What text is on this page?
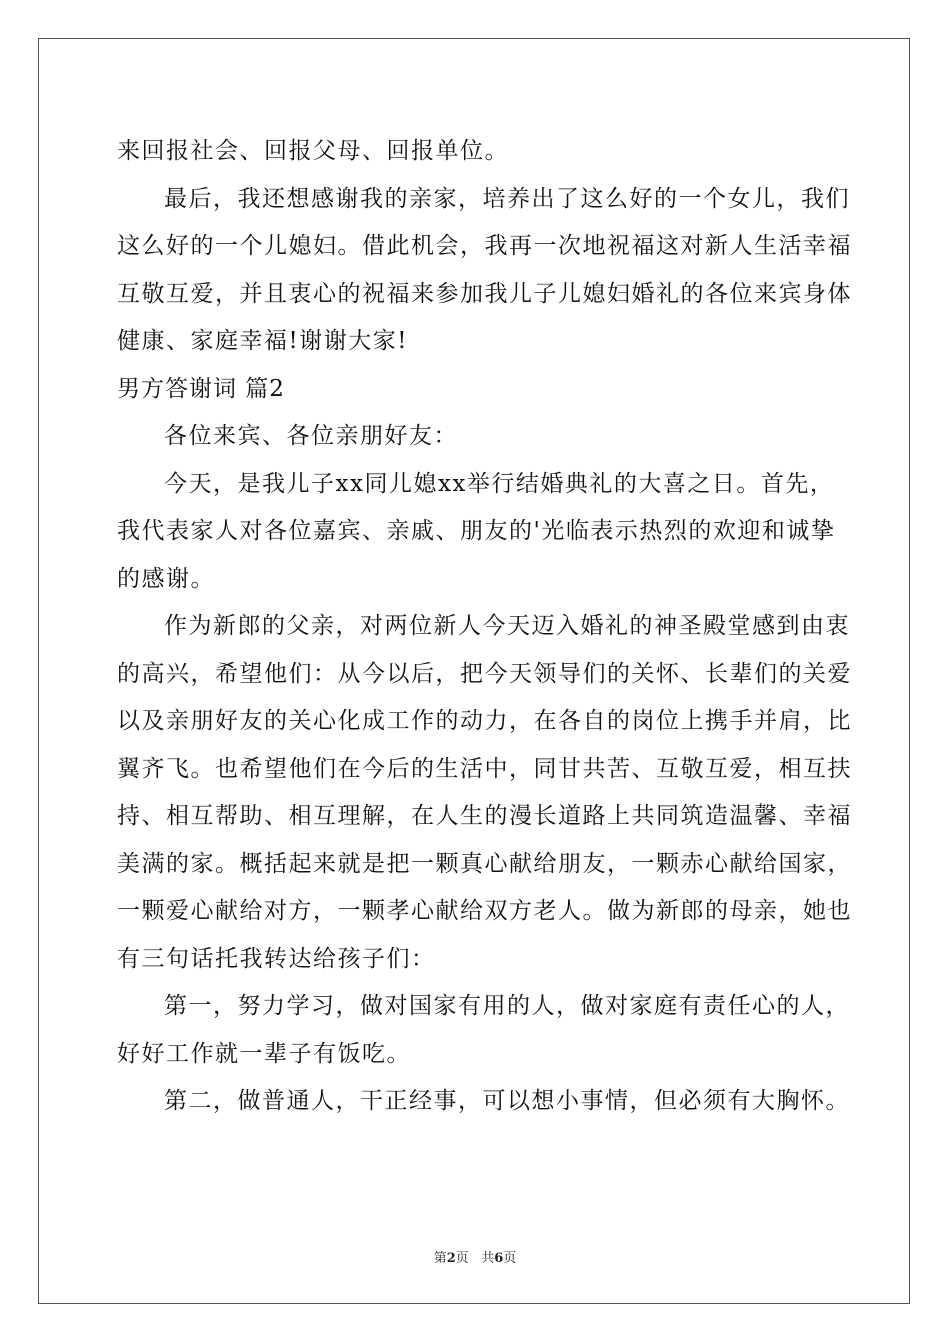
来回报社会、回报父母、回报单位。
最后，我还想感谢我的亲家，培养出了这么好的一个女儿，我们
这么好的一个儿媳妇。借此机会，我再一次地祝福这对新人生活幸福
互敬互爱，并且衷心的祝福来参加我儿子儿媳妇婚礼的各位来宾身体
健康、家庭幸福!谢谢大家!
男方答谢词 篇2
各位来宾、各位亲朋好友：
今天，是我儿子xx同儿媳xx举行结婚典礼的大喜之日。首先，
我代表家人对各位嘉宾、亲戚、朋友的'光临表示热烈的欢迎和诚挚
的感谢。
作为新郎的父亲，对两位新人今天迈入婚礼的神圣殿堂感到由衷
的高兴，希望他们：从今以后，把今天领导们的关怀、长辈们的关爱
以及亲朋好友的关心化成工作的动力，在各自的岗位上携手并肩，比
翼齐飞。也希望他们在今后的生活中，同甘共苦、互敬互爱，相互扶
持、相互帮助、相互理解，在人生的漫长道路上共同筑造温馨、幸福
美满的家。概括起来就是把一颗真心献给朋友，一颗赤心献给国家，
一颗爱心献给对方，一颗孝心献给双方老人。做为新郎的母亲，她也
有三句话托我转达给孩子们：
第一，努力学习，做对国家有用的人，做对家庭有责任心的人，
好好工作就一辈子有饭吃。
第二，做普通人，干正经事，可以想小事情，但必须有大胸怀。
第2页 共6页
